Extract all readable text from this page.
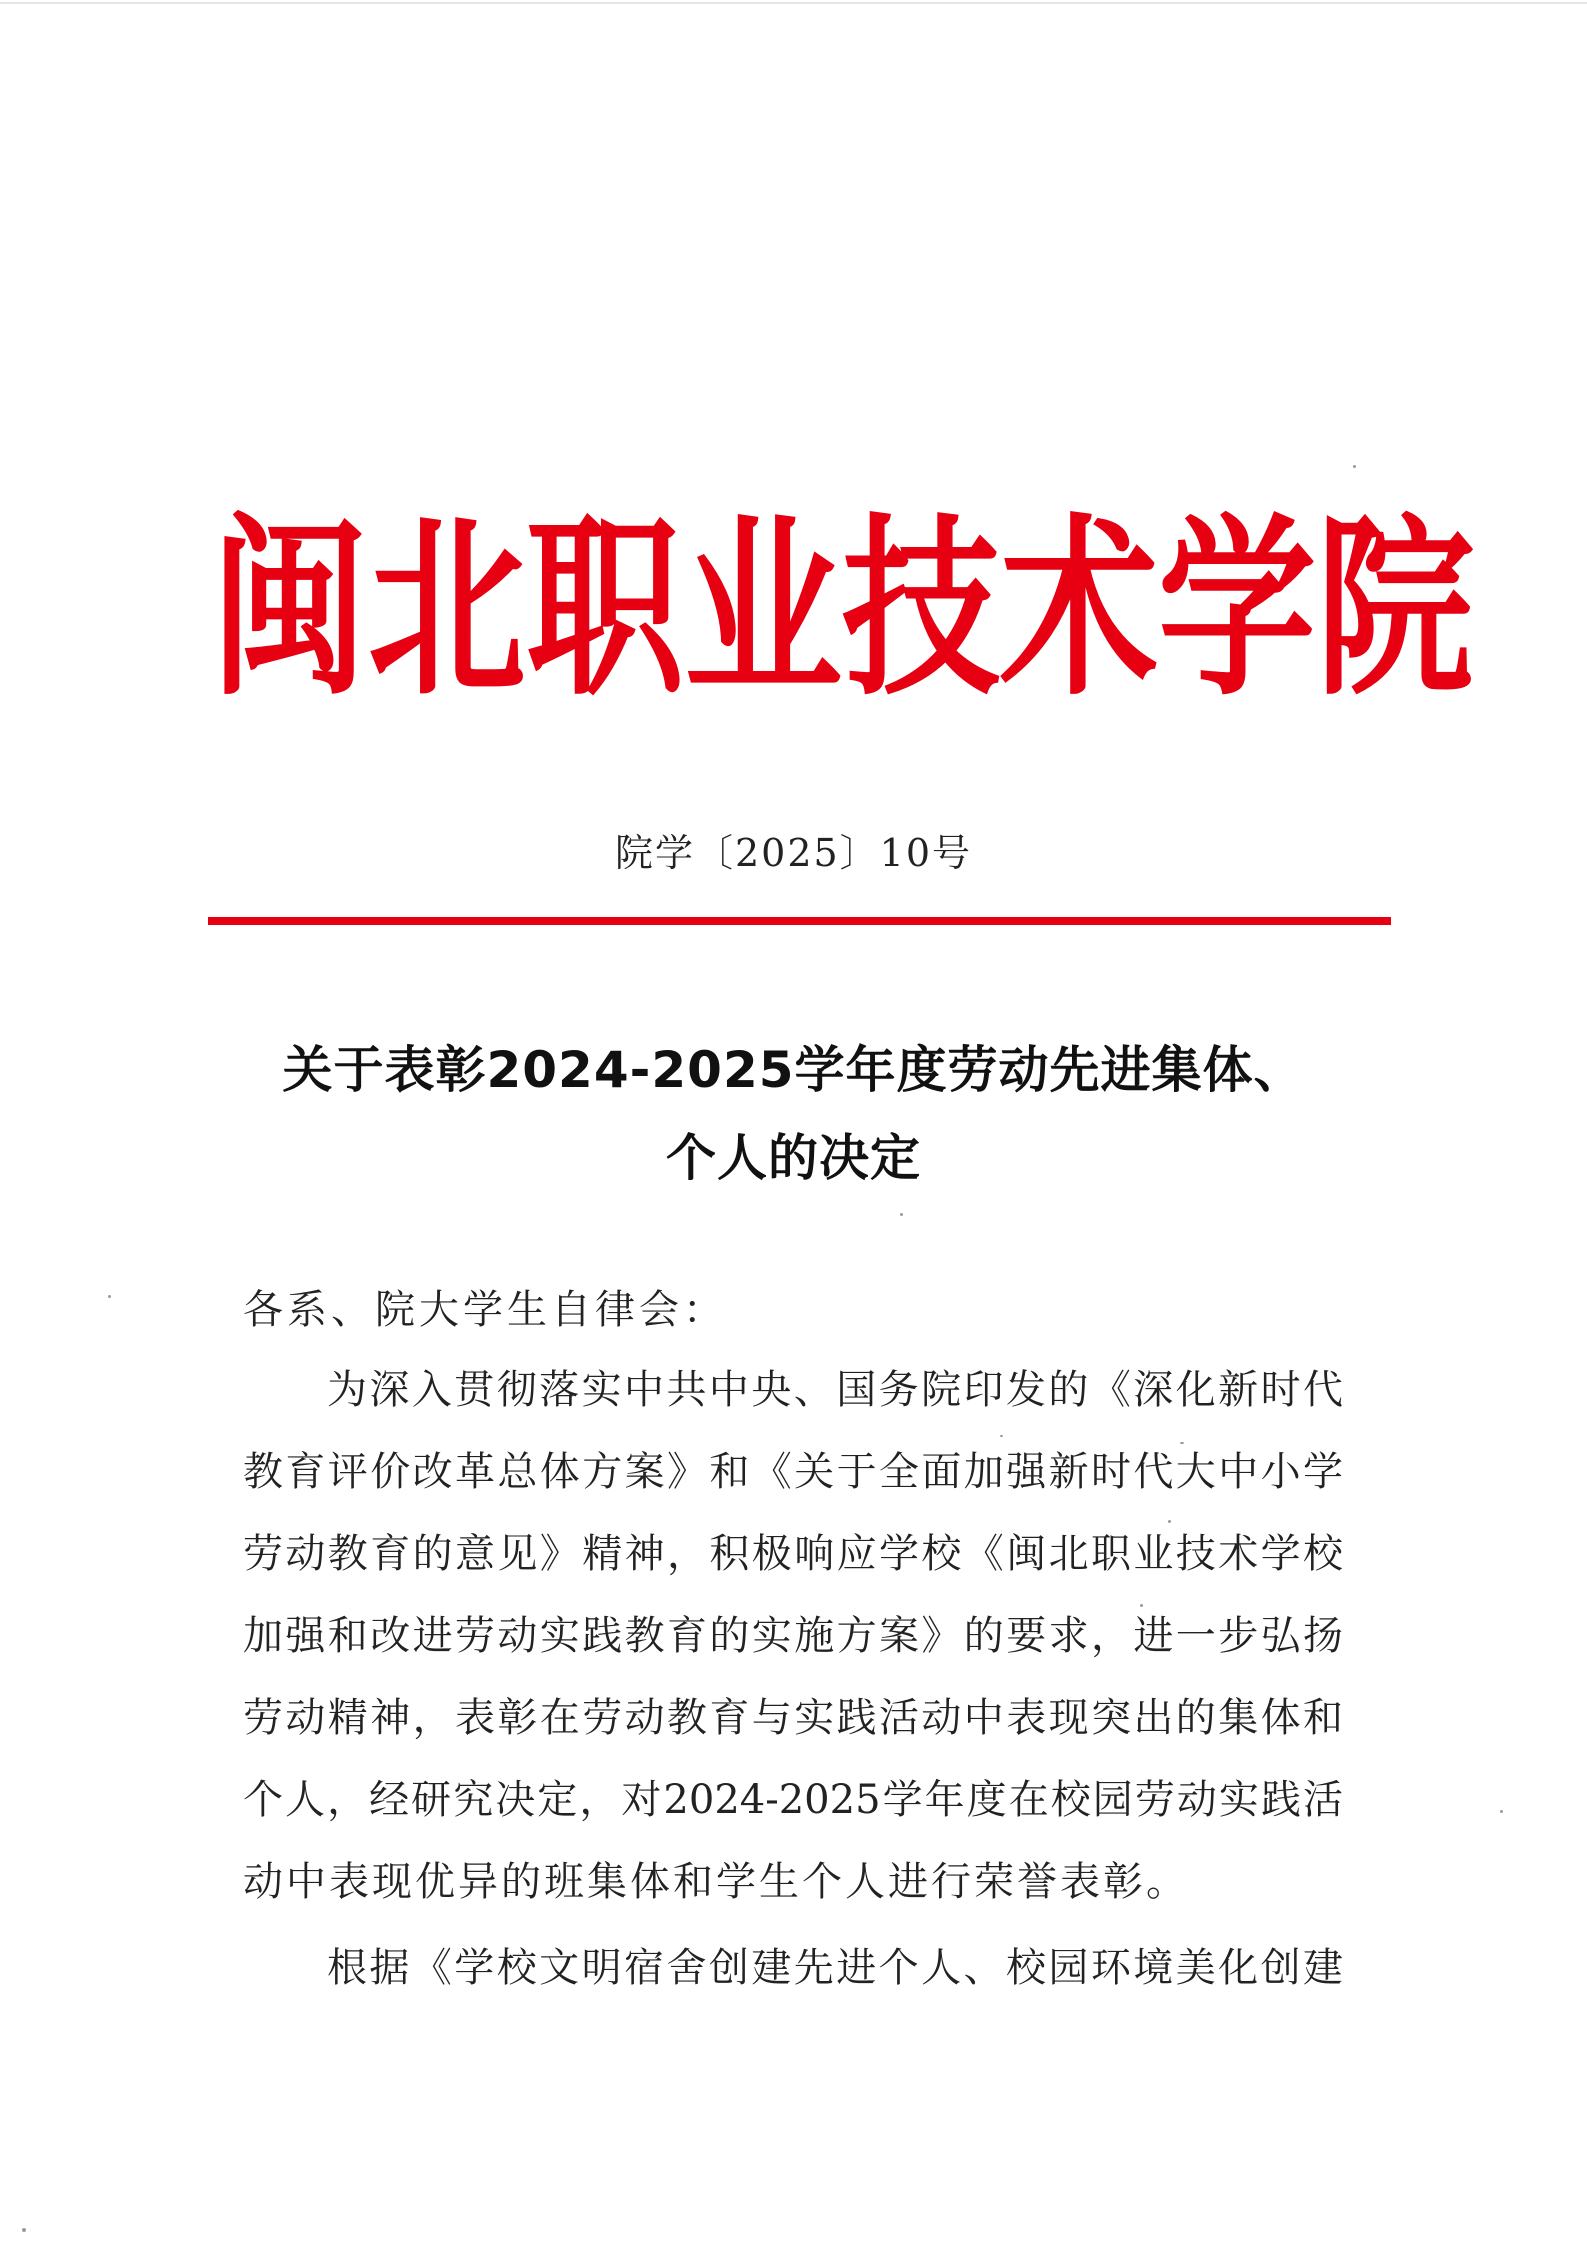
闽 北 职 业 技 术 学 院
院学〔2025〕10号
关于表彰2024-2025学年度劳动先进集体、
个人的决定
各系、院大学生自律会：
为深入贯彻落实中共中央、国务院印发的《深化新时代
教育评价改革总体方案》和《关于全面加强新时代大中小学
劳动教育的意见》精神，积极响应学校《闽北职业技术学校
加强和改进劳动实践教育的实施方案》的要求，进一步弘扬
劳动精神，表彰在劳动教育与实践活动中表现突出的集体和
个人，经研究决定，对2024-2025学年度在校园劳动实践活
动中表现优异的班集体和学生个人进行荣誉表彰。
根据《学校文明宿舍创建先进个人、校园环境美化创建
